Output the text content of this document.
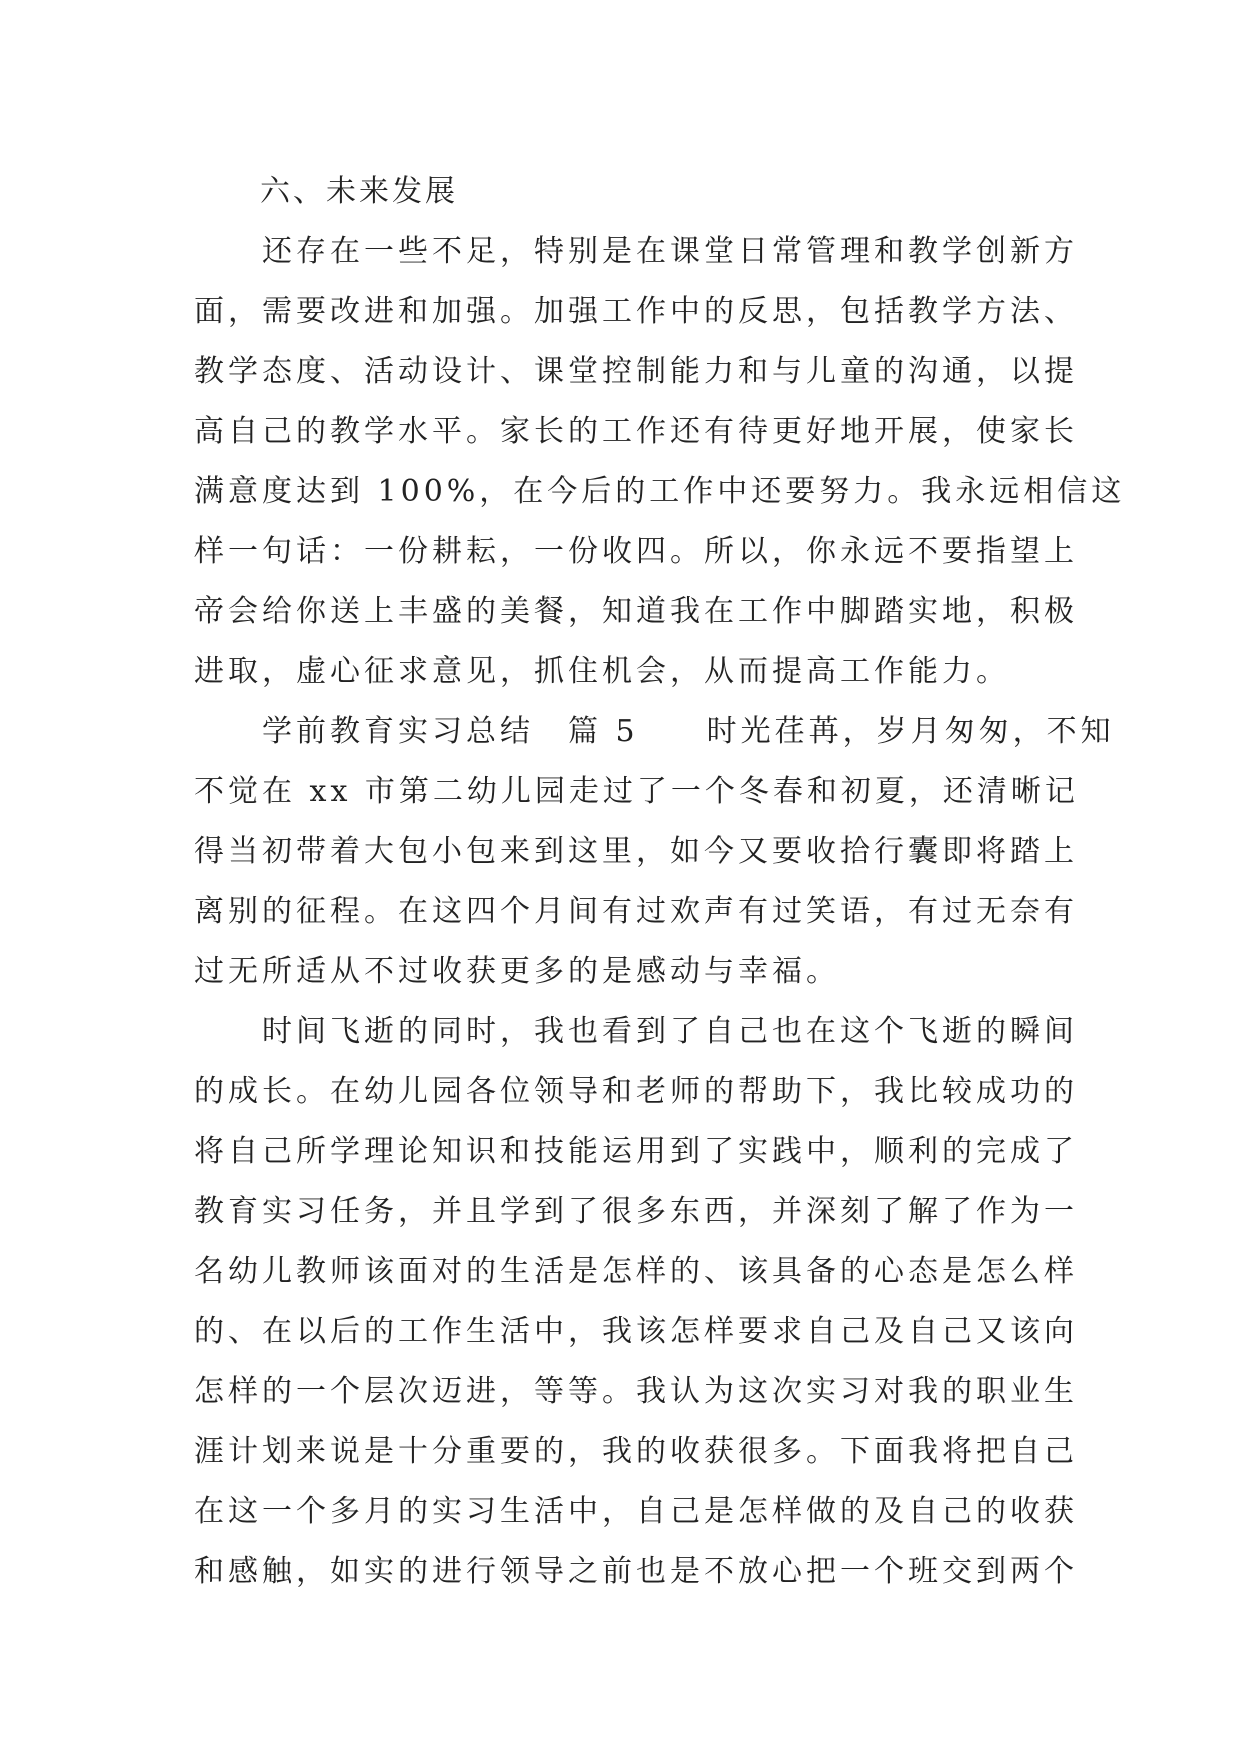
　　六、未来发展
　　还存在一些不足，特别是在课堂日常管理和教学创新方
面，需要改进和加强。加强工作中的反思，包括教学方法、
教学态度、活动设计、课堂控制能力和与儿童的沟通，以提
高自己的教学水平。家长的工作还有待更好地开展，使家长
满意度达到 100%，在今后的工作中还要努力。我永远相信这
样一句话：一份耕耘，一份收四。所以，你永远不要指望上
帝会给你送上丰盛的美餐，知道我在工作中脚踏实地，积极
进取，虚心征求意见，抓住机会，从而提高工作能力。
　　学前教育实习总结　篇 5　　时光荏苒，岁月匆匆，不知
不觉在 xx 市第二幼儿园走过了一个冬春和初夏，还清晰记
得当初带着大包小包来到这里，如今又要收拾行囊即将踏上
离别的征程。在这四个月间有过欢声有过笑语，有过无奈有
过无所适从不过收获更多的是感动与幸福。
　　时间飞逝的同时，我也看到了自己也在这个飞逝的瞬间
的成长。在幼儿园各位领导和老师的帮助下，我比较成功的
将自己所学理论知识和技能运用到了实践中，顺利的完成了
教育实习任务，并且学到了很多东西，并深刻了解了作为一
名幼儿教师该面对的生活是怎样的、该具备的心态是怎么样
的、在以后的工作生活中，我该怎样要求自己及自己又该向
怎样的一个层次迈进，等等。我认为这次实习对我的职业生
涯计划来说是十分重要的，我的收获很多。下面我将把自己
在这一个多月的实习生活中，自己是怎样做的及自己的收获
和感触，如实的进行领导之前也是不放心把一个班交到两个
